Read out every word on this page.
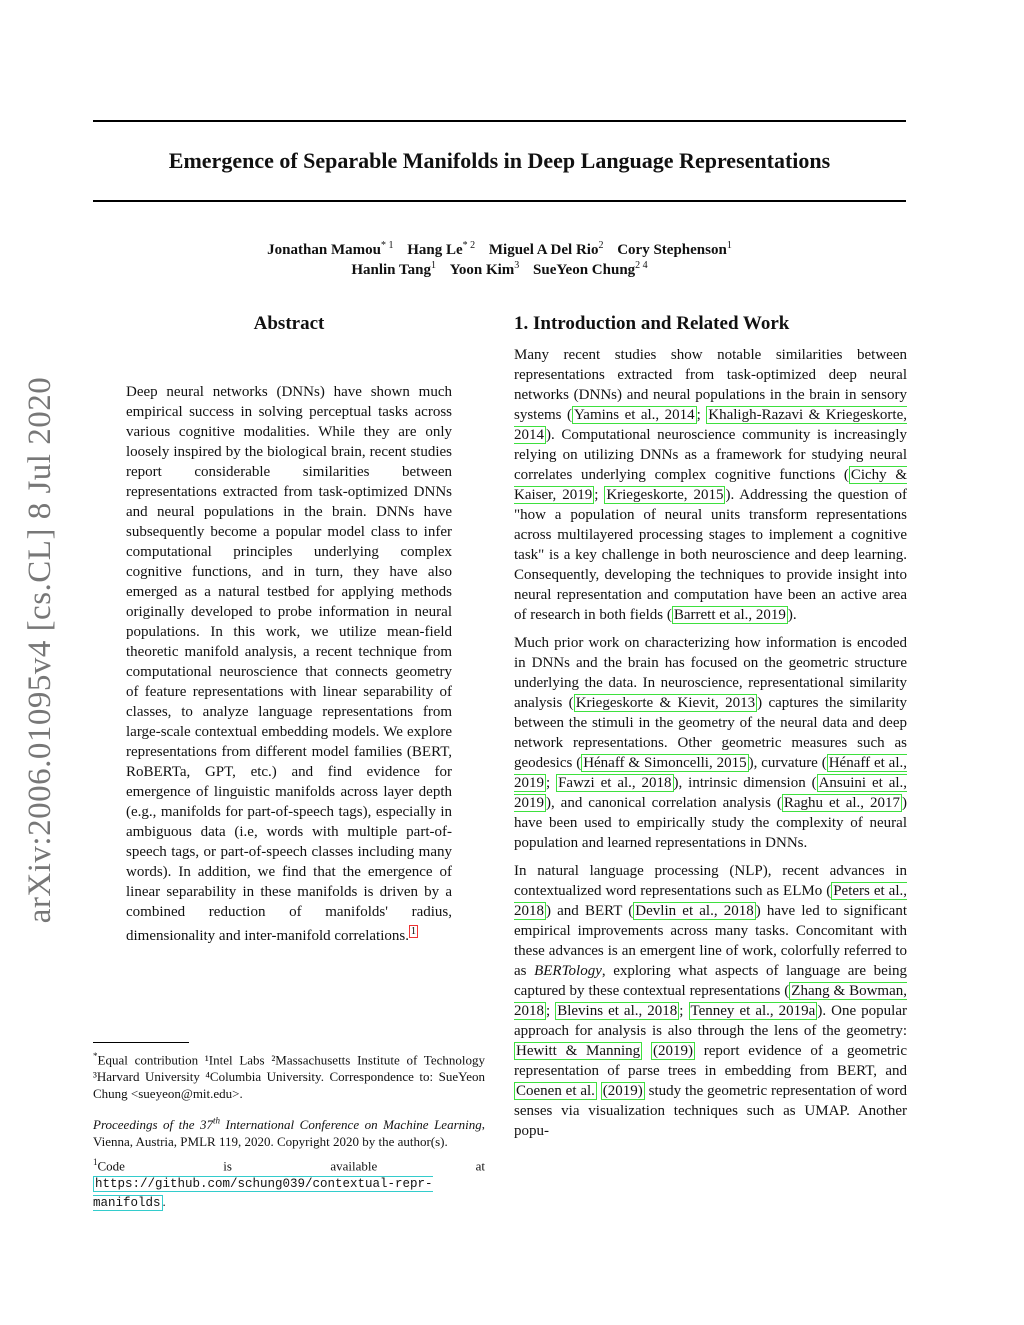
Emergence of Separable Manifolds in Deep Language Representations
Jonathan Mamou$^{* 1}$ Hang Le$^{* 2}$ Miguel A Del Rio$^2$ Cory Stephenson$^1$
Hanlin Tang$^1$ Yoon Kim$^3$ SueYeon Chung$^{2 4}$
arXiv:2006.01095v4 [cs.CL] 8 Jul 2020
Abstract
Deep neural networks (DNNs) have shown much empirical success in solving perceptual tasks across various cognitive modalities. While they are only loosely inspired by the biological brain, recent studies report considerable similarities between representations extracted from task-optimized DNNs and neural populations in the brain. DNNs have subsequently become a popular model class to infer computational principles underlying complex cognitive functions, and in turn, they have also emerged as a natural testbed for applying methods originally developed to probe information in neural populations. In this work, we utilize mean-field theoretic manifold analysis, a recent technique from computational neuroscience that connects geometry of feature representations with linear separability of classes, to analyze language representations from large-scale contextual embedding models. We explore representations from different model families (BERT, RoBERTa, GPT, etc.) and find evidence for emergence of linguistic manifolds across layer depth (e.g., manifolds for part-of-speech tags), especially in ambiguous data (i.e, words with multiple part-of-speech tags, or part-of-speech classes including many words). In addition, we find that the emergence of linear separability in these manifolds is driven by a combined reduction of manifolds' radius, dimensionality and inter-manifold correlations. $^1$
1. Introduction and Related Work

Many recent studies show notable similarities between representations extracted from task-optimized deep neural networks (DNNs) and neural populations in the brain in sensory systems ( Yamins et al., 2014 ; Khaligh-Razavi & Kriegeskorte, 2014 ). Computational neuroscience community is increasingly relying on utilizing DNNs as a framework for studying neural correlates underlying complex cognitive functions ( Cichy & Kaiser, 2019 ; Kriegeskorte, 2015 ). Addressing the question of "how a population of neural units transform representations across multilayered processing stages to implement a cognitive task" is a key challenge in both neuroscience and deep learning. Consequently, developing the techniques to provide insight into neural representation and computation have been an active area of research in both fields ( Barrett et al., 2019 ).

Much prior work on characterizing how information is encoded in DNNs and the brain has focused on the geometric structure underlying the data. In neuroscience, representational similarity analysis ( Kriegeskorte & Kievit, 2013 ) captures the similarity between the stimuli in the geometry of the neural data and deep network representations. Other geometric measures such as geodesics ( Hénaff & Simoncelli, 2015 ), curvature ( Hénaff et al., 2019 ; Fawzi et al., 2018 ), intrinsic dimension ( Ansuini et al., 2019 ), and canonical correlation analysis ( Raghu et al., 2017 ) have been used to empirically study the complexity of neural population and learned representations in DNNs.

In natural language processing (NLP), recent advances in contextualized word representations such as ELMo ( Peters et al., 2018 ) and BERT ( Devlin et al., 2018 ) have led to significant empirical improvements across many tasks. Concomitant with these advances is an emergent line of work, colorfully referred to as BERTology, exploring what aspects of language are being captured by these contextual representations ( Zhang & Bowman, 2018 ; Blevins et al., 2018 ; Tenney et al., 2019a ). One popular approach for analysis is also through the lens of the geometry: Hewitt & Manning (2019) report evidence of a geometric representation of parse trees in embedding from BERT, and Coenen et al. (2019) study the geometric representation of word senses via visualization techniques such as UMAP. Another popu-

*Equal contribution ¹Intel Labs ²Massachusetts Institute of Technology ³Harvard University ⁴Columbia University. Correspondence to: SueYeon Chung <sueyeon@mit.edu>.

Proceedings of the 37th International Conference on Machine Learning, Vienna, Austria, PMLR 119, 2020. Copyright 2020 by the author(s).

$^1$Code is available at https://github.com/schung039/contextual-repr-manifolds .
